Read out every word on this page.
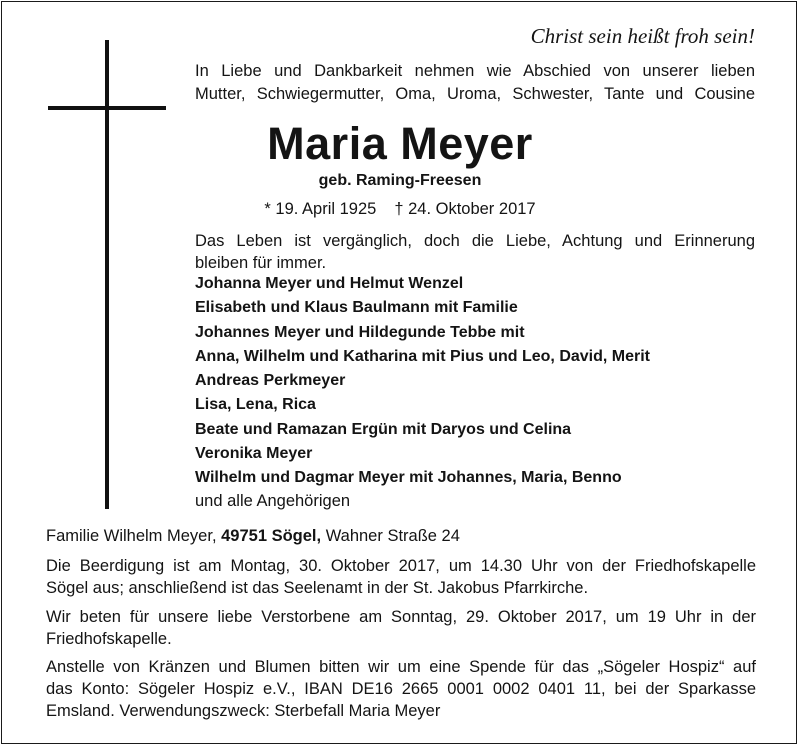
Christ sein heißt froh sein!
In Liebe und Dankbarkeit nehmen wie Abschied von unserer lieben
Mutter, Schwiegermutter, Oma, Uroma, Schwester, Tante und Cousine
Maria Meyer
geb. Raming-Freesen
* 19. April 1925 † 24. Oktober 2017
Das Leben ist vergänglich, doch die Liebe, Achtung und Erinnerung
bleiben für immer.
Johanna Meyer und Helmut Wenzel
Elisabeth und Klaus Baulmann mit Familie
Johannes Meyer und Hildegunde Tebbe mit
Anna, Wilhelm und Katharina mit Pius und Leo, David, Merit
Andreas Perkmeyer
Lisa, Lena, Rica
Beate und Ramazan Ergün mit Daryos und Celina
Veronika Meyer
Wilhelm und Dagmar Meyer mit Johannes, Maria, Benno
und alle Angehörigen
Familie Wilhelm Meyer, 49751 Sögel, Wahner Straße 24
Die Beerdigung ist am Montag, 30. Oktober 2017, um 14.30 Uhr von der Friedhofskapelle
Sögel aus; anschließend ist das Seelenamt in der St. Jakobus Pfarrkirche.
Wir beten für unsere liebe Verstorbene am Sonntag, 29. Oktober 2017, um 19 Uhr in der
Friedhofskapelle.
Anstelle von Kränzen und Blumen bitten wir um eine Spende für das „Sögeler Hospiz“ auf
das Konto: Sögeler Hospiz e.V., IBAN DE16 2665 0001 0002 0401 11, bei der Sparkasse
Emsland. Verwendungszweck: Sterbefall Maria Meyer
